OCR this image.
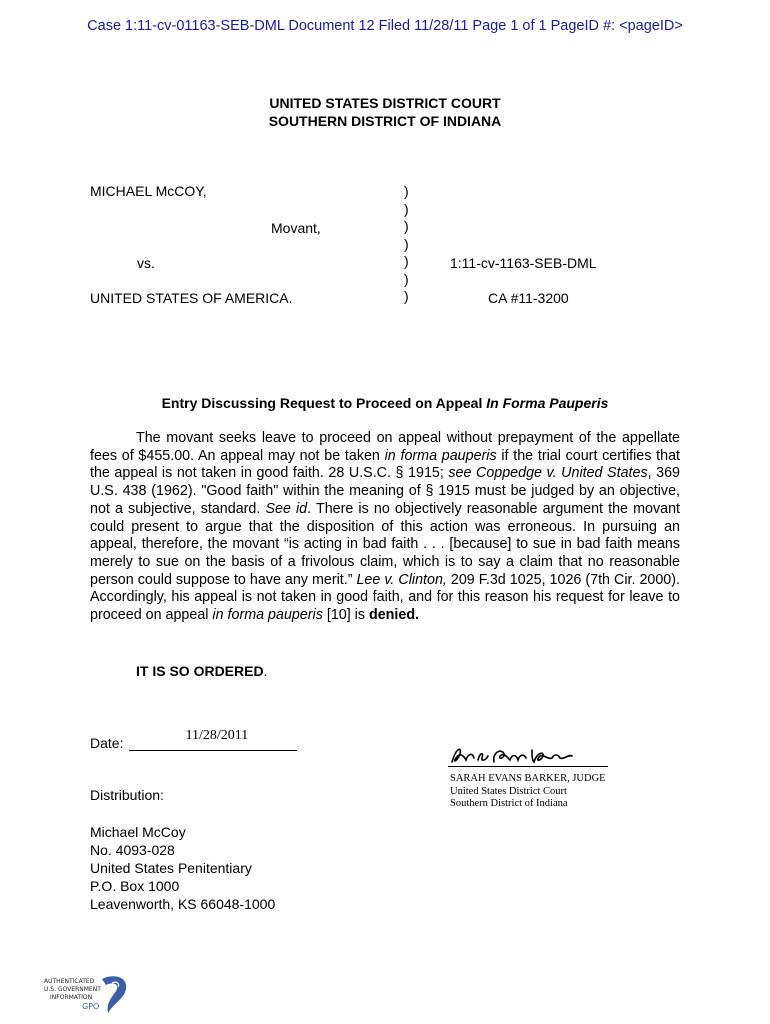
Case 1:11-cv-01163-SEB-DML Document 12 Filed 11/28/11 Page 1 of 1 PageID #: <pageID>
UNITED STATES DISTRICT COURT
SOUTHERN DISTRICT OF INDIANA
MICHAEL McCOY,
Movant,
vs.
UNITED STATES OF AMERICA.
)
)
)
)
)
)
)
1:11-cv-1163-SEB-DML
CA #11-3200
Entry Discussing Request to Proceed on Appeal In Forma Pauperis

The movant seeks leave to proceed on appeal without prepayment of the appellate fees of $455.00. An appeal may not be taken in forma pauperis if the trial court certifies that the appeal is not taken in good faith. 28 U.S.C. § 1915; see Coppedge v. United States, 369 U.S. 438 (1962). "Good faith" within the meaning of § 1915 must be judged by an objective, not a subjective, standard. See id. There is no objectively reasonable argument the movant could present to argue that the disposition of this action was erroneous. In pursuing an appeal, therefore, the movant “is acting in bad faith . . . [because] to sue in bad faith means merely to sue on the basis of a frivolous claim, which is to say a claim that no reasonable person could suppose to have any merit.” Lee v. Clinton, 209 F.3d 1025, 1026 (7th Cir. 2000). Accordingly, his appeal is not taken in good faith, and for this reason his request for leave to proceed on appeal in forma pauperis [10] is denied.

IT IS SO ORDERED.
Date:	11/28/2011
SARAH EVANS BARKER, JUDGE
United States District Court
Southern District of Indiana
Distribution:
Michael McCoy
No. 4093-028
United States Penitentiary
P.O. Box 1000
Leavenworth, KS 66048-1000
AUTHENTICATED
U.S. GOVERNMENT
INFORMATION
GPO
